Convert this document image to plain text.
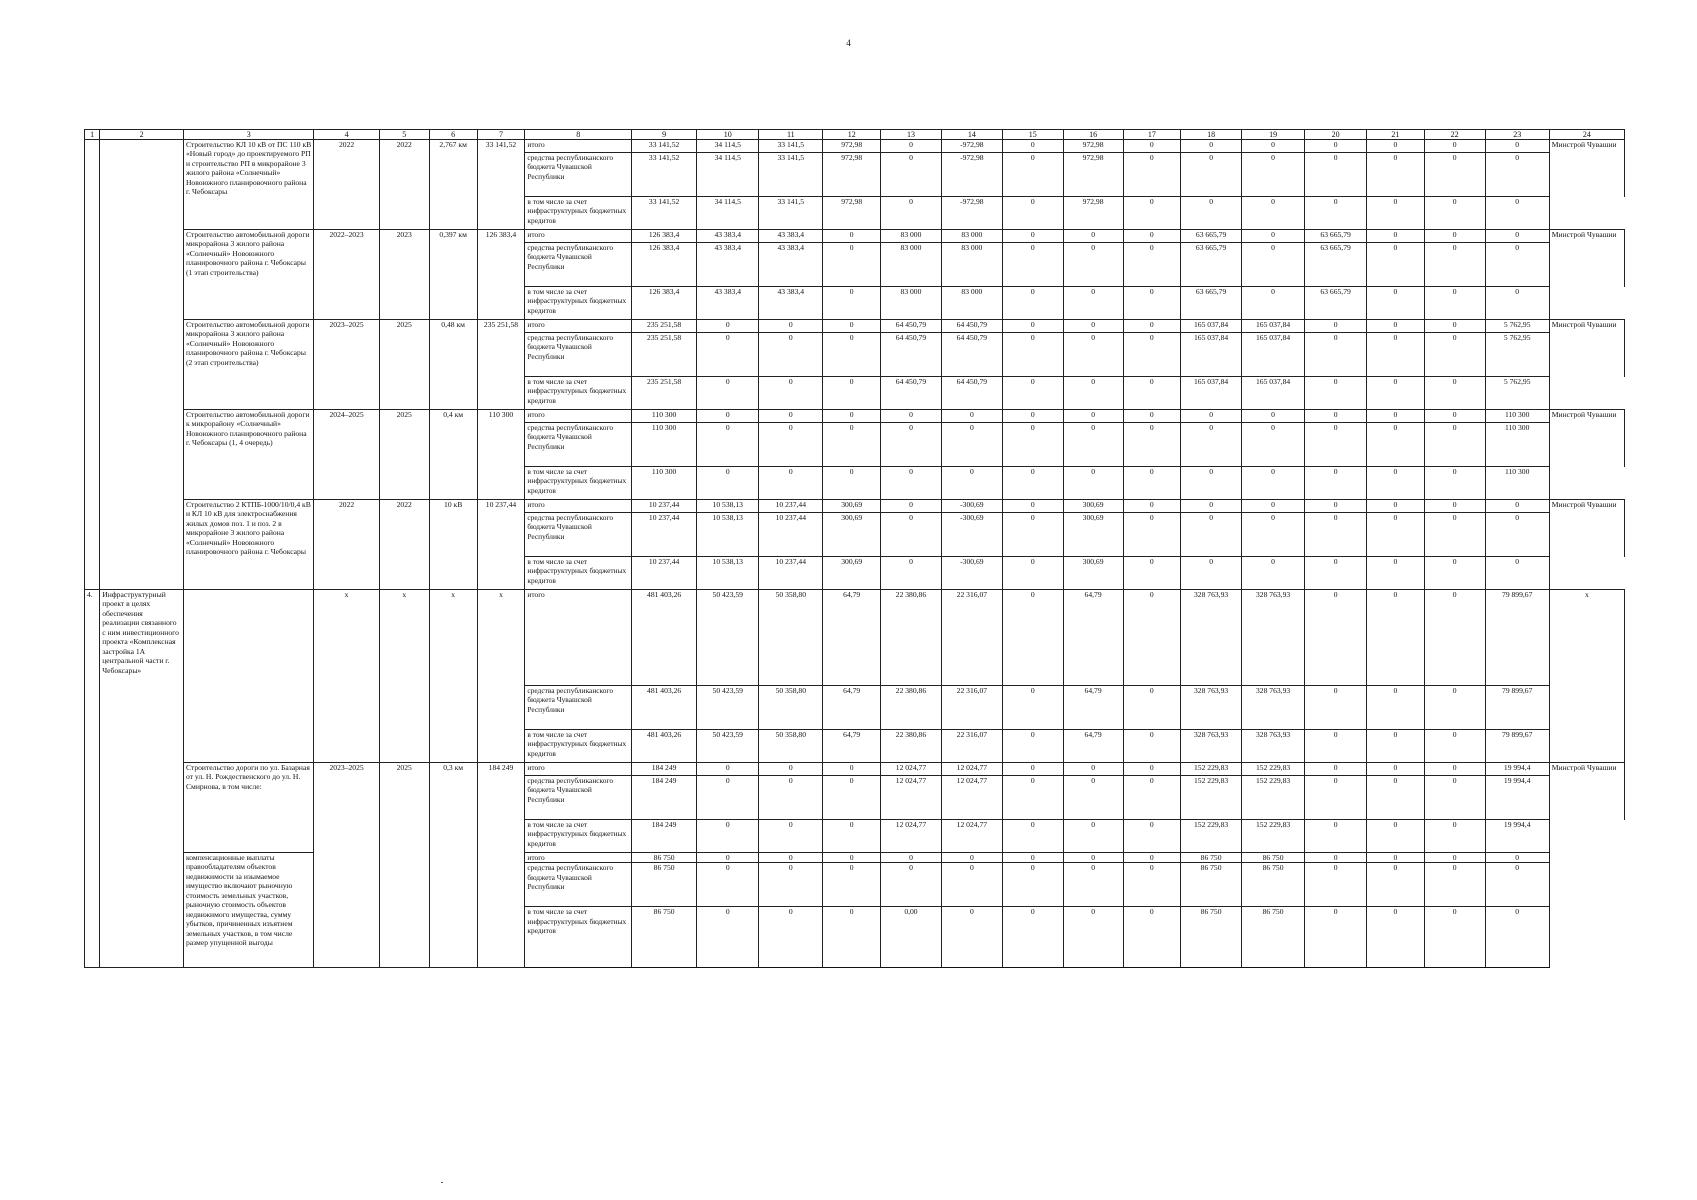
4
1	2	3	4	5	6	7	8	9	10	11	12	13	14	15	16	17	18	19	20	21	22	23	24
		Строительство КЛ 10 кВ от ПС 110 кВ «Новый город» до проектируемого РП и строительство РП в микрорайоне 3 жилого района «Солнечный» Новоюжного планировочного района г. Чебоксары	2022	2022	2,767 км	33 141,52	итого	33 141,52	34 114,5	33 141,5	972,98	0	-972,98	0	972,98	0	0	0	0	0	0	0	Минстрой Чувашии
							средства республиканского бюджета Чувашской Республики	33 141,52	34 114,5	33 141,5	972,98	0	-972,98	0	972,98	0	0	0	0	0	0	0	
							в том числе за счет инфраструктурных бюджетных кредитов	33 141,52	34 114,5	33 141,5	972,98	0	-972,98	0	972,98	0	0	0	0	0	0	0	
		Строительство автомобильной дороги микрорайона 3 жилого района «Солнечный» Новоюжного планировочного района г. Чебоксары (1 этап строительства)	2022–2023	2023	0,397 км	126 383,4	итого	126 383,4	43 383,4	43 383,4	0	83 000	83 000	0	0	0	63 665,79	0	63 665,79	0	0	0	Минстрой Чувашии
							средства республиканского бюджета Чувашской Республики	126 383,4	43 383,4	43 383,4	0	83 000	83 000	0	0	0	63 665,79	0	63 665,79	0	0	0	
							в том числе за счет инфраструктурных бюджетных кредитов	126 383,4	43 383,4	43 383,4	0	83 000	83 000	0	0	0	63 665,79	0	63 665,79	0	0	0	
		Строительство автомобильной дороги микрорайона 3 жилого района «Солнечный» Новоюжного планировочного района г. Чебоксары (2 этап строительства)	2023–2025	2025	0,48 км	235 251,58	итого	235 251,58	0	0	0	64 450,79	64 450,79	0	0	0	165 037,84	165 037,84	0	0	0	5 762,95	Минстрой Чувашии
							средства республиканского бюджета Чувашской Республики	235 251,58	0	0	0	64 450,79	64 450,79	0	0	0	165 037,84	165 037,84	0	0	0	5 762,95	
							в том числе за счет инфраструктурных бюджетных кредитов	235 251,58	0	0	0	64 450,79	64 450,79	0	0	0	165 037,84	165 037,84	0	0	0	5 762,95	
		Строительство автомобильной дороги к микрорайону «Солнечный» Новоюжного планировочного района г. Чебоксары (1, 4 очередь)	2024–2025	2025	0,4 км	110 300	итого	110 300	0	0	0	0	0	0	0	0	0	0	0	0	0	110 300	Минстрой Чувашии
							средства республиканского бюджета Чувашской Республики	110 300	0	0	0	0	0	0	0	0	0	0	0	0	0	110 300	
							в том числе за счет инфраструктурных бюджетных кредитов	110 300	0	0	0	0	0	0	0	0	0	0	0	0	0	110 300	
		Строительство 2 КТПБ-1000/10/0,4 кВ и КЛ 10 кВ для электроснабжения жилых домов поз. 1 и поз. 2 в микрорайоне 3 жилого района «Солнечный» Новоюжного планировочного района г. Чебоксары	2022	2022	10 кВ	10 237,44	итого	10 237,44	10 538,13	10 237,44	300,69	0	-300,69	0	300,69	0	0	0	0	0	0	0	Минстрой Чувашии
							средства республиканского бюджета Чувашской Республики	10 237,44	10 538,13	10 237,44	300,69	0	-300,69	0	300,69	0	0	0	0	0	0	0	
							в том числе за счет инфраструктурных бюджетных кредитов	10 237,44	10 538,13	10 237,44	300,69	0	-300,69	0	300,69	0	0	0	0	0	0	0	
4.	Инфраструктурный проект в целях обеспечения реализации связанного с ним инвестиционного проекта «Комплексная застройка 1А центральной части г. Чебоксары»		x	x	x	x	итого	481 403,26	50 423,59	50 358,80	64,79	22 380,86	22 316,07	0	64,79	0	328 763,93	328 763,93	0	0	0	79 899,67	x
							средства республиканского бюджета Чувашской Республики	481 403,26	50 423,59	50 358,80	64,79	22 380,86	22 316,07	0	64,79	0	328 763,93	328 763,93	0	0	0	79 899,67	
							в том числе за счет инфраструктурных бюджетных кредитов	481 403,26	50 423,59	50 358,80	64,79	22 380,86	22 316,07	0	64,79	0	328 763,93	328 763,93	0	0	0	79 899,67	
		Строительство дороги по ул. Базарная от ул. Н. Рождественского до ул. Н. Смирнова, в том числе:	2023–2025	2025	0,3 км	184 249	итого	184 249	0	0	0	12 024,77	12 024,77	0	0	0	152 229,83	152 229,83	0	0	0	19 994,4	Минстрой Чувашии
							средства республиканского бюджета Чувашской Республики	184 249	0	0	0	12 024,77	12 024,77	0	0	0	152 229,83	152 229,83	0	0	0	19 994,4	
							в том числе за счет инфраструктурных бюджетных кредитов	184 249	0	0	0	12 024,77	12 024,77	0	0	0	152 229,83	152 229,83	0	0	0	19 994,4	
		компенсационные выплаты правообладателям объектов недвижимости за изымаемое имущество включают рыночную стоимость земельных участков, рыночную стоимость объектов недвижимого имущества, сумму убытков, причиненных изъятием земельных участков, в том числе размер упущенной выгоды					итого	86 750	0	0	0	0	0	0	0	0	86 750	86 750	0	0	0	0	
							средства республиканского бюджета Чувашской Республики	86 750	0	0	0	0	0	0	0	0	86 750	86 750	0	0	0	0	
							в том числе за счет инфраструктурных бюджетных кредитов	86 750	0	0	0	0,00	0	0	0	0	86 750	86 750	0	0	0	0	
